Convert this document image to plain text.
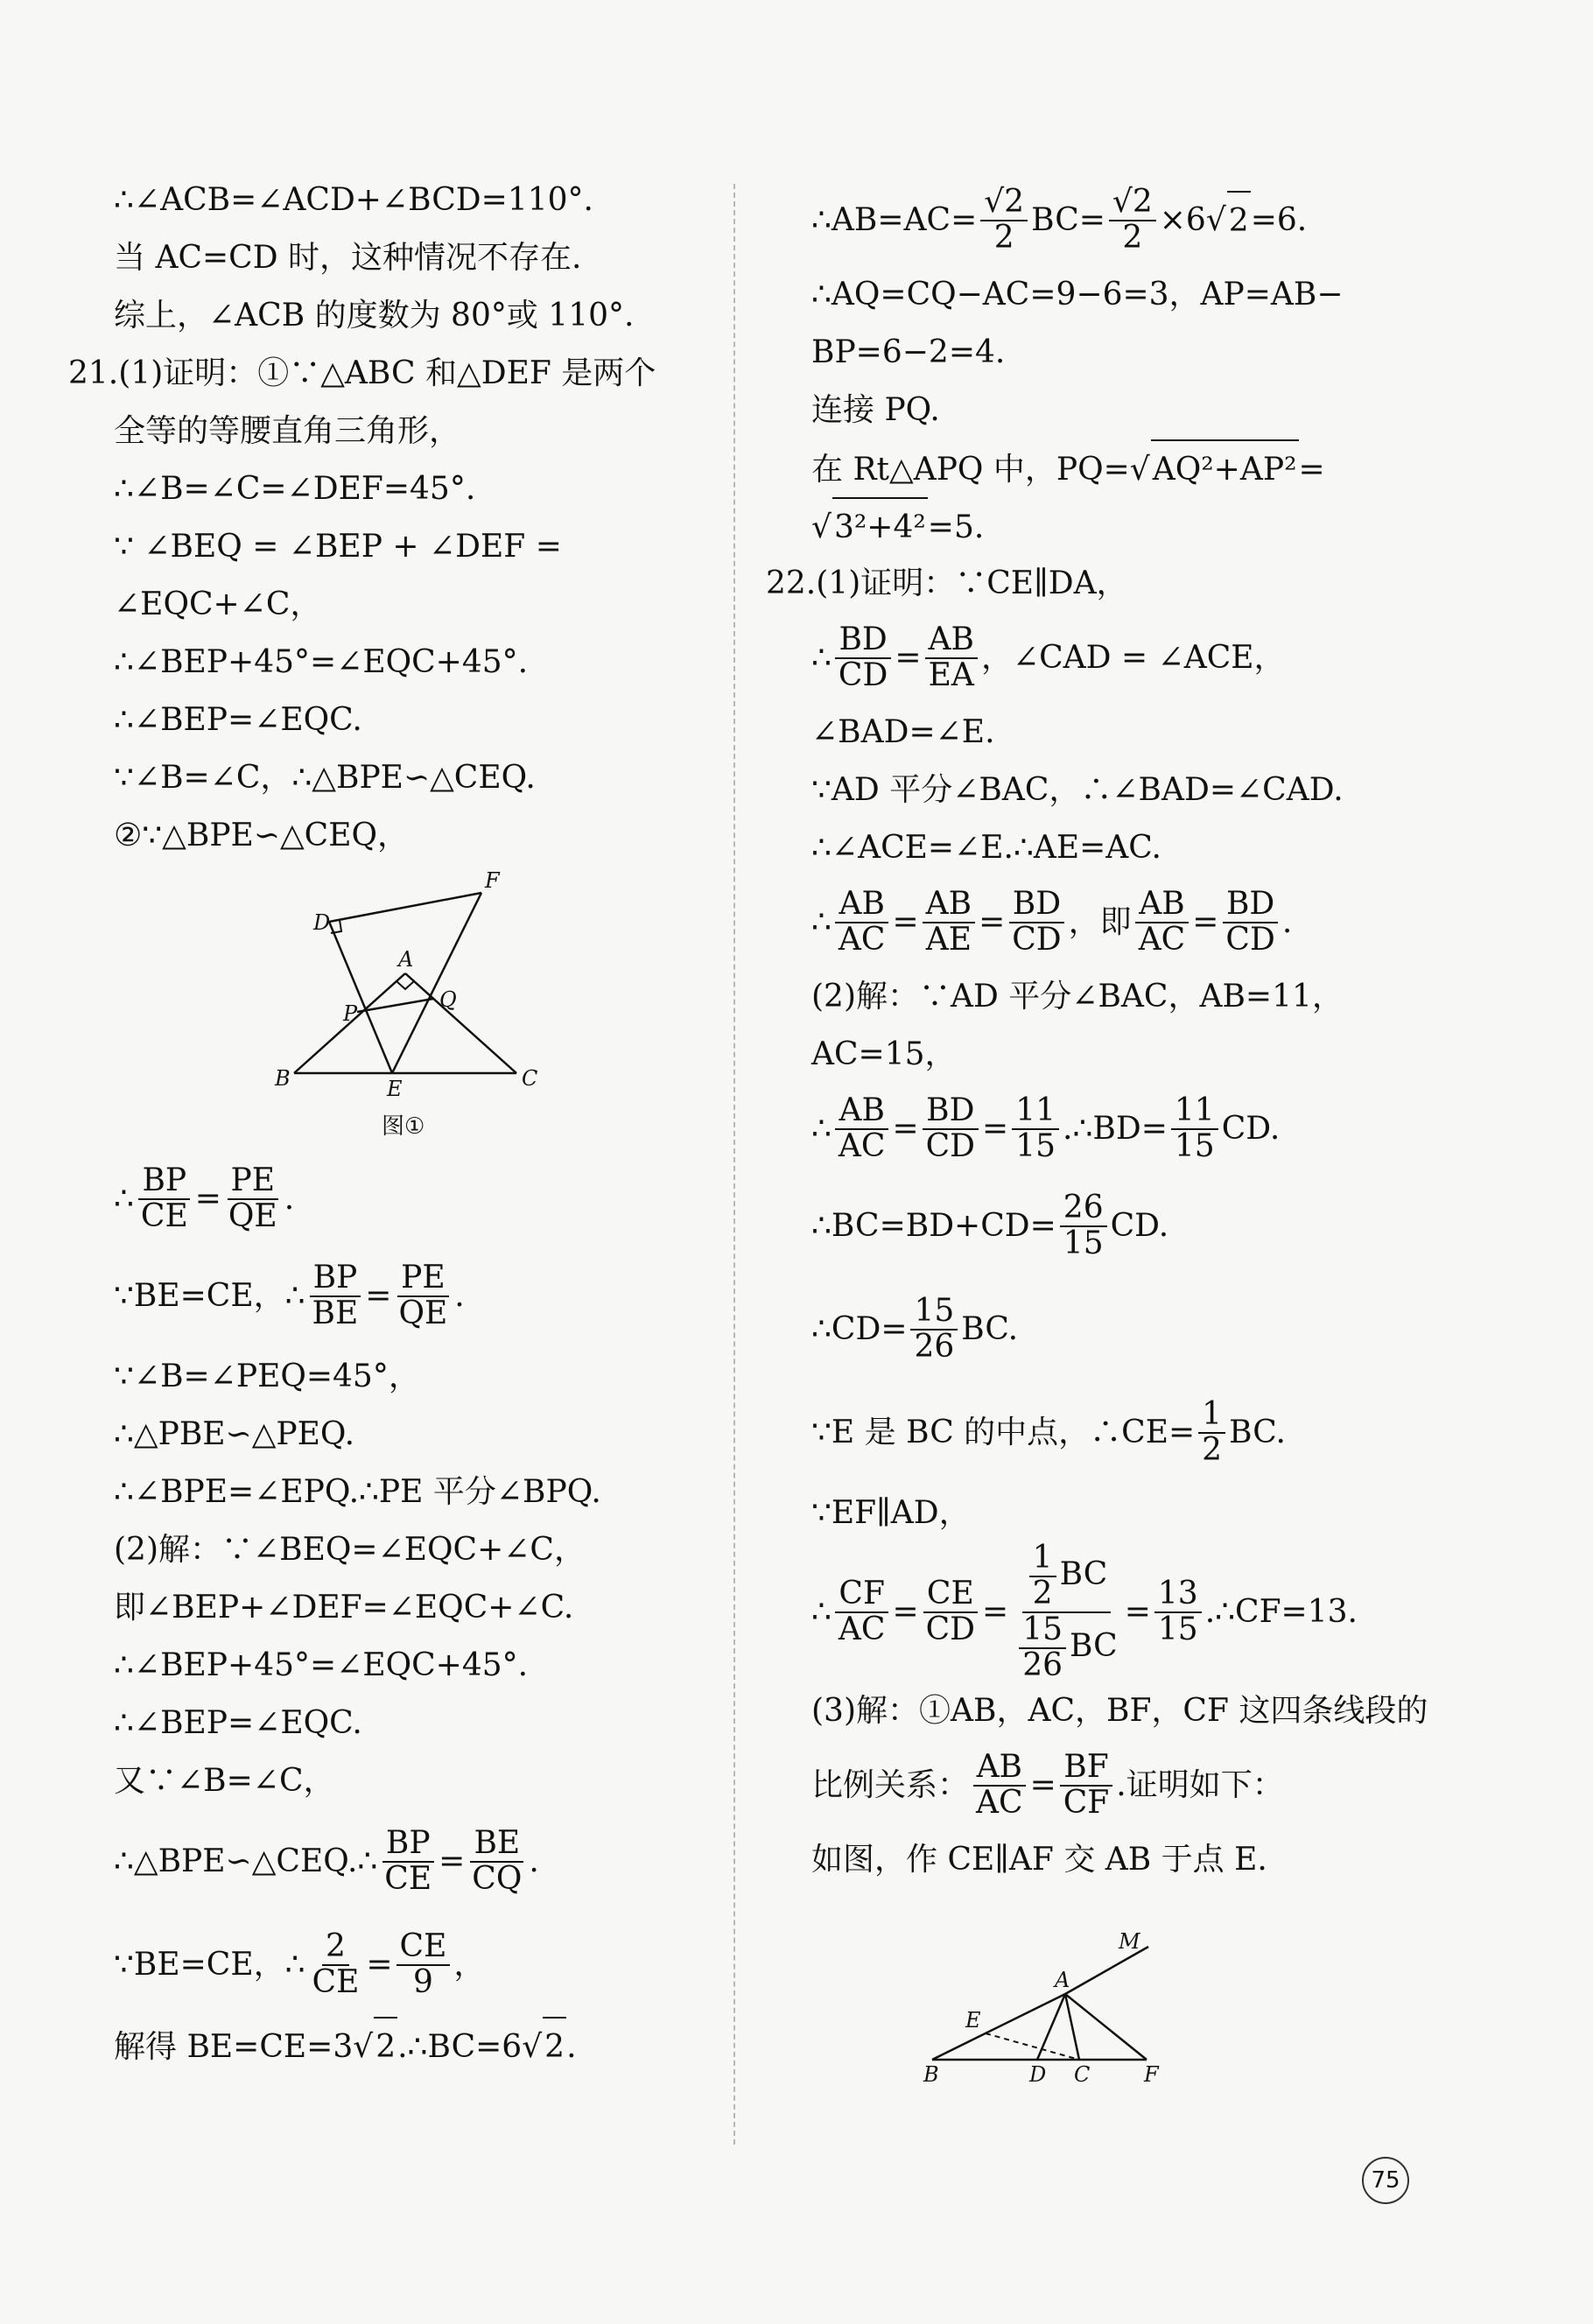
∴∠ACB=∠ACD+∠BCD=110°.
当 AC=CD 时，这种情况不存在.
综上，∠ACB 的度数为 80°或 110°.
21.(1)证明：①∵△ABC 和△DEF 是两个
全等的等腰直角三角形，
∴∠B=∠C=∠DEF=45°.
∵ ∠BEQ = ∠BEP + ∠DEF =
∠EQC+∠C，
∴∠BEP+45°=∠EQC+45°.
∴∠BEP=∠EQC.
∵∠B=∠C，∴△BPE∽△CEQ.
②∵△BPE∽△CEQ，
F
D
A
P
Q
B	E	C
图①
∴ $\frac{BP}{CE} = \frac{PE}{QE}$ .
∵BE=CE，∴ $\frac{BP}{BE} = \frac{PE}{QE}$ .
∵∠B=∠PEQ=45°，
∴△PBE∽△PEQ.
∴∠BPE=∠EPQ.∴PE 平分∠BPQ.
(2)解：∵∠BEQ=∠EQC+∠C，
即∠BEP+∠DEF=∠EQC+∠C.
∴∠BEP+45°=∠EQC+45°.
∴∠BEP=∠EQC.
又∵∠B=∠C，
∴△BPE∽△CEQ.∴ $\frac{BP}{CE} = \frac{BE}{CQ}$ .
∵BE=CE，∴ $\frac{2}{CE} = \frac{CE}{9}$ ，
解得 BE=CE=3√2.∴BC=6√2.
∴AB=AC= $\frac{√2}{2} BC= \frac{√2}{2} \times 6$ √ 2 =6.
∴AQ=CQ−AC=9−6=3，AP=AB−
BP=6−2=4.
连接 PQ.
在 Rt△APQ 中，PQ=√AQ²+AP²=
√3²+4²=5.
22.(1)证明：∵CE∥DA，
∴ $\frac{BD}{CD} = \frac{AB}{EA}$ ，∠CAD = ∠ACE，
∠BAD=∠E.
∵AD 平分∠BAC，∴∠BAD=∠CAD.
∴∠ACE=∠E.∴AE=AC.
∴ $\frac{AB}{AC} = \frac{AB}{AE} = \frac{BD}{CD}$ ，即 $\frac{AB}{AC} = \frac{BD}{CD}$ .
(2)解：∵AD 平分∠BAC，AB=11，
AC=15，
∴ $\frac{AB}{AC} = \frac{BD}{CD} = \frac{11}{15}$ .∴BD= $\frac{11}{15}$ CD.
∴BC=BD+CD= $\frac{26}{15}$ CD.
∴CD= $\frac{15}{26}$ BC.
∵E 是 BC 的中点，∴CE= $\frac{1}{2}$ BC.
∵EF∥AD，
∴ $\frac{CF}{AC} = \frac{CE}{CD} = \frac{\frac{1}{2} BC}{\frac{15}{26} BC} = \frac{13}{15}$ .∴CF=13.
(3)解：①AB，AC，BF，CF 这四条线段的
比例关系： $\frac{AB}{AC} = \frac{BF}{CF}$ .证明如下：
如图，作 CE∥AF 交 AB 于点 E.
M
A
E
B	D C	F
75
